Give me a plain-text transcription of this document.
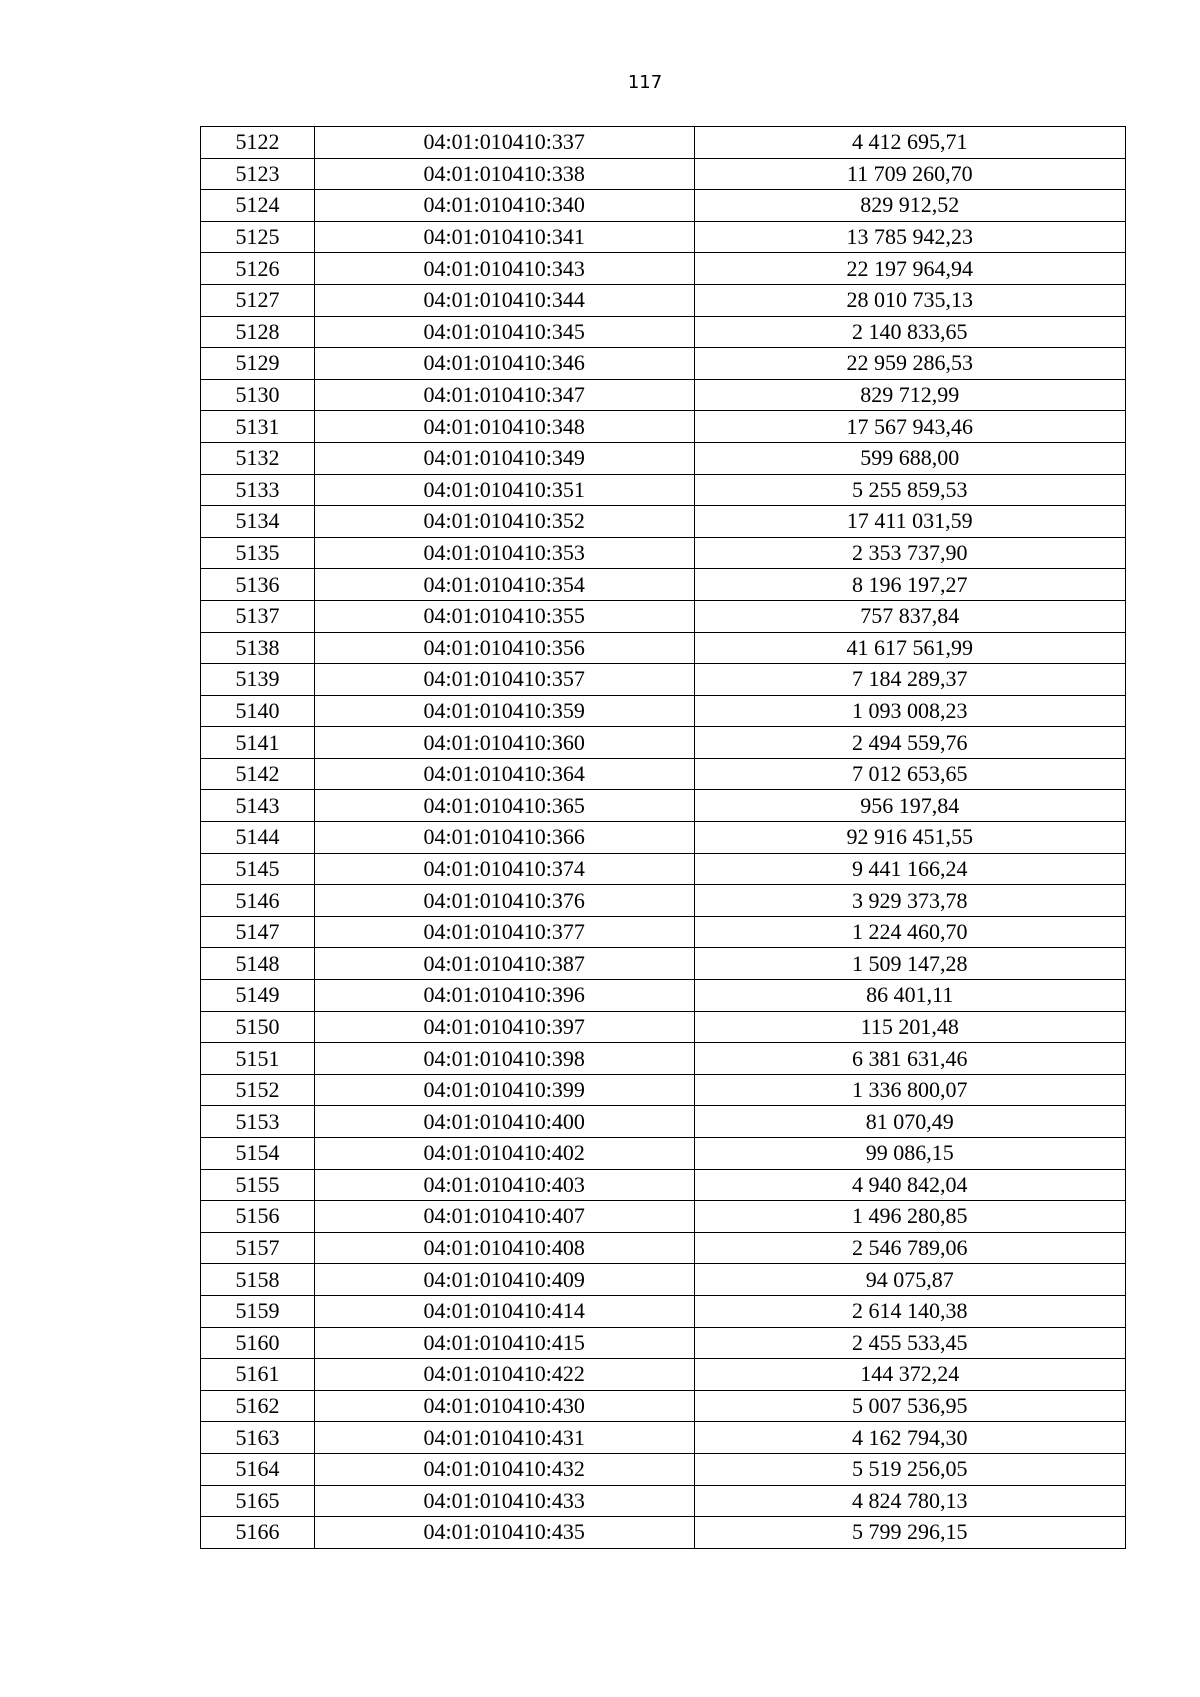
117
5122	04:01:010410:337	4 412 695,71
5123	04:01:010410:338	11 709 260,70
5124	04:01:010410:340	829 912,52
5125	04:01:010410:341	13 785 942,23
5126	04:01:010410:343	22 197 964,94
5127	04:01:010410:344	28 010 735,13
5128	04:01:010410:345	2 140 833,65
5129	04:01:010410:346	22 959 286,53
5130	04:01:010410:347	829 712,99
5131	04:01:010410:348	17 567 943,46
5132	04:01:010410:349	599 688,00
5133	04:01:010410:351	5 255 859,53
5134	04:01:010410:352	17 411 031,59
5135	04:01:010410:353	2 353 737,90
5136	04:01:010410:354	8 196 197,27
5137	04:01:010410:355	757 837,84
5138	04:01:010410:356	41 617 561,99
5139	04:01:010410:357	7 184 289,37
5140	04:01:010410:359	1 093 008,23
5141	04:01:010410:360	2 494 559,76
5142	04:01:010410:364	7 012 653,65
5143	04:01:010410:365	956 197,84
5144	04:01:010410:366	92 916 451,55
5145	04:01:010410:374	9 441 166,24
5146	04:01:010410:376	3 929 373,78
5147	04:01:010410:377	1 224 460,70
5148	04:01:010410:387	1 509 147,28
5149	04:01:010410:396	86 401,11
5150	04:01:010410:397	115 201,48
5151	04:01:010410:398	6 381 631,46
5152	04:01:010410:399	1 336 800,07
5153	04:01:010410:400	81 070,49
5154	04:01:010410:402	99 086,15
5155	04:01:010410:403	4 940 842,04
5156	04:01:010410:407	1 496 280,85
5157	04:01:010410:408	2 546 789,06
5158	04:01:010410:409	94 075,87
5159	04:01:010410:414	2 614 140,38
5160	04:01:010410:415	2 455 533,45
5161	04:01:010410:422	144 372,24
5162	04:01:010410:430	5 007 536,95
5163	04:01:010410:431	4 162 794,30
5164	04:01:010410:432	5 519 256,05
5165	04:01:010410:433	4 824 780,13
5166	04:01:010410:435	5 799 296,15
